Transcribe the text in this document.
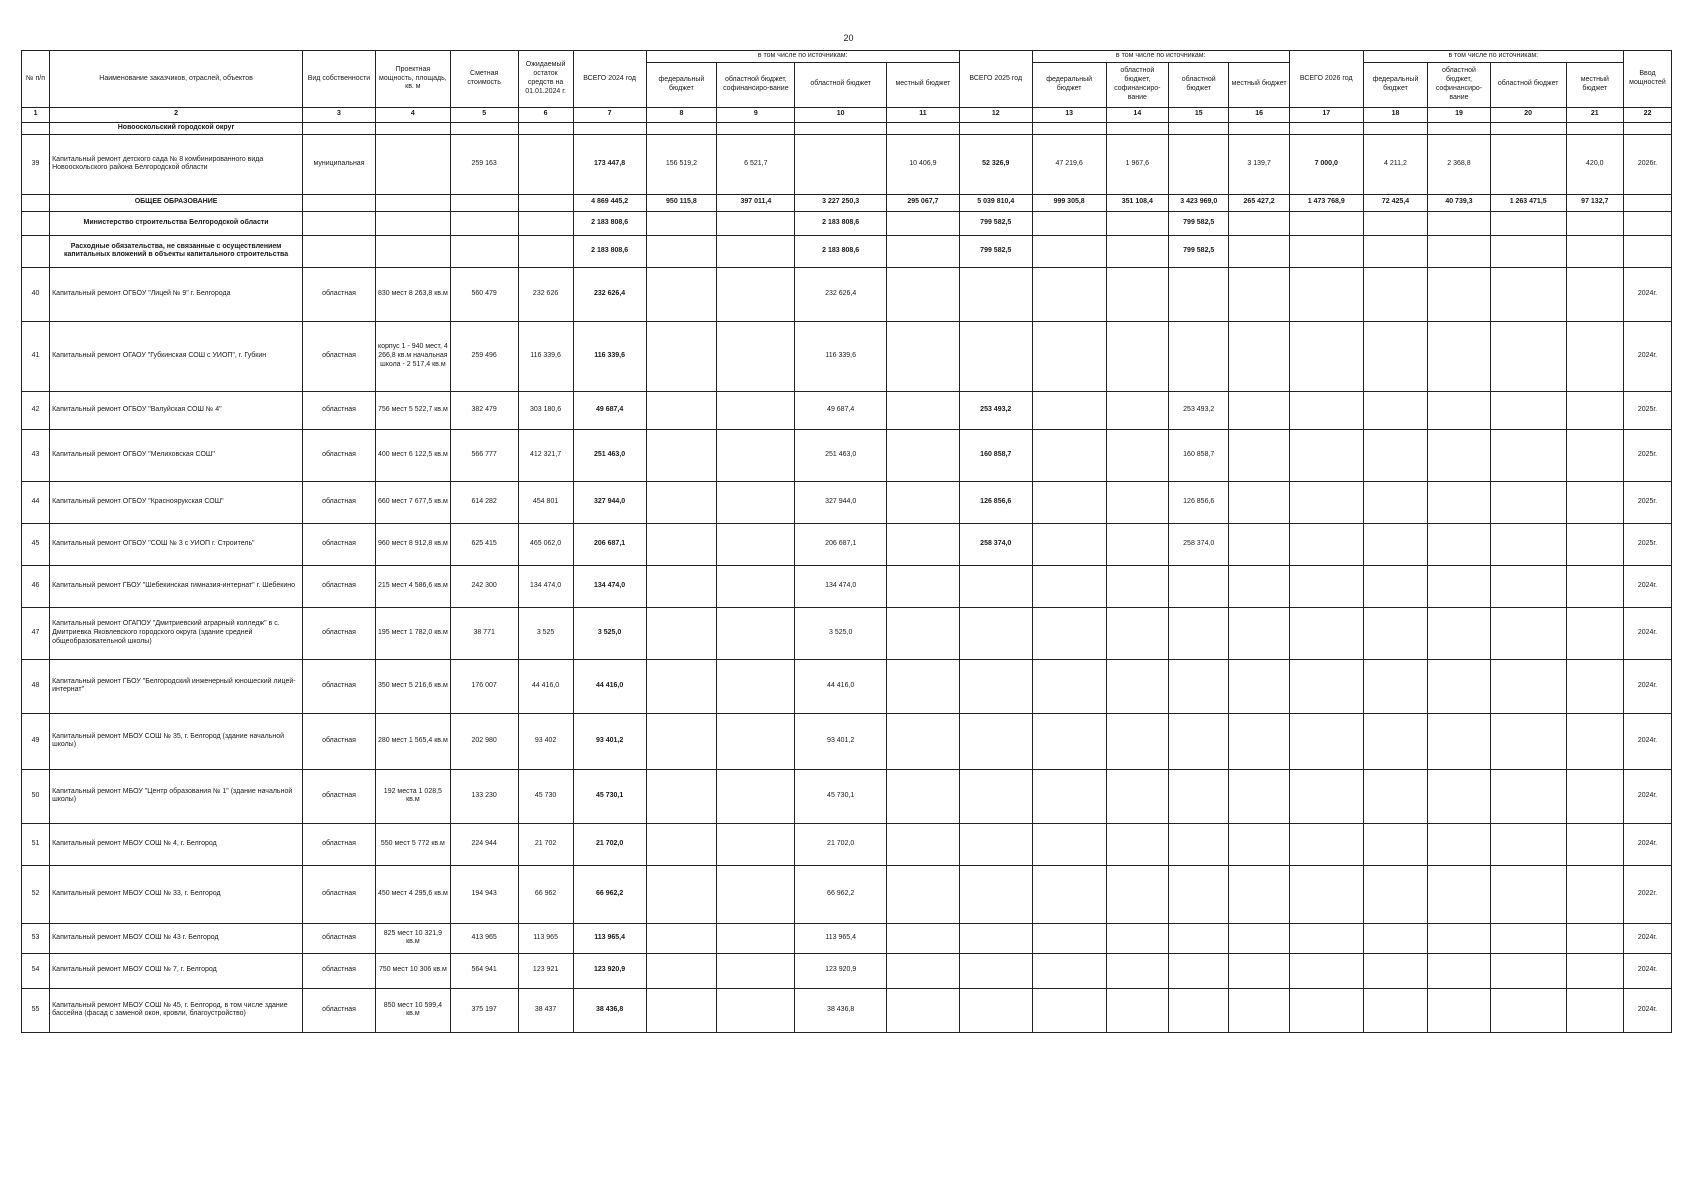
20
№ п/п	Наименование заказчиков, отраслей, объектов	Вид собственности	Проектная мощность, площадь, кв. м	Сметная стоимость	Ожидаемый остаток средств на 01.01.2024 г.	ВСЕГО 2024 год	в том числе по источникам:				ВСЕГО 2025 год	в том числе по источникам:				ВСЕГО 2026 год	в том числе по источникам:				Ввод мощностей
							федеральный бюджет	областной бюджет, софинансиро-вание	областной бюджет	местный бюджет		федеральный бюджет	областной бюджет, софинансиро-вание	областной бюджет	местный бюджет		федеральный бюджет	областной бюджет, софинансиро-вание	областной бюджет	местный бюджет	
1	2	3	4	5	6	7	8	9	10	11	12	13	14	15	16	17	18	19	20	21	22
	Новооскольский городской округ																				
39	Капитальный ремонт детского сада № 8 комбинированного вида Новооскольского района Белгородской области	муниципальная		259 163		173 447,8	156 519,2	6 521,7		10 406,9	52 326,9	47 219,6	1 967,6		3 139,7	7 000,0	4 211,2	2 368,8		420,0	2026г.
	ОБЩЕЕ ОБРАЗОВАНИЕ					4 869 445,2	950 115,8	397 011,4	3 227 250,3	295 067,7	5 039 810,4	999 305,8	351 108,4	3 423 969,0	265 427,2	1 473 768,9	72 425,4	40 739,3	1 263 471,5	97 132,7	
	Министерство строительства Белгородской области					2 183 808,6			2 183 808,6		799 582,5			799 582,5							
	Расходные обязательства, не связанные с осуществлением капитальных вложений в объекты капитального строительства					2 183 808,6			2 183 808,6		799 582,5			799 582,5							
40	Капитальный ремонт ОГБОУ "Лицей № 9" г. Белгорода	областная	830 мест 8 263,8 кв.м	560 479	232 626	232 626,4			232 626,4												2024г.
41	Капитальный ремонт ОГАОУ "Губкинская СОШ с УИОП", г. Губкин	областная	корпус 1 - 940 мест, 4 266,8 кв.м начальная школа - 2 517,4 кв.м	259 496	116 339,6	116 339,6			116 339,6												2024г.
42	Капитальный ремонт ОГБОУ "Валуйская СОШ № 4"	областная	756 мест 5 522,7 кв.м	382 479	303 180,6	49 687,4			49 687,4		253 493,2			253 493,2							2025г.
43	Капитальный ремонт ОГБОУ "Мелиховская СОШ"	областная	400 мест 6 122,5 кв.м	566 777	412 321,7	251 463,0			251 463,0		160 858,7			160 858,7							2025г.
44	Капитальный ремонт ОГБОУ "Красноярукская СОШ"	областная	660 мест 7 677,5 кв.м	614 282	454 801	327 944,0			327 944,0		126 856,6			126 856,6							2025г.
45	Капитальный ремонт ОГБОУ "СОШ № 3 с УИОП г. Строитель"	областная	960 мест 8 912,8 кв.м	625 415	465 062,0	206 687,1			206 687,1		258 374,0			258 374,0							2025г.
46	Капитальный ремонт ГБОУ "Шебекинская гимназия-интернат" г. Шебекино	областная	215 мест 4 586,6 кв.м	242 300	134 474,0	134 474,0			134 474,0												2024г.
47	Капитальный ремонт ОГАПОУ "Дмитриевский аграрный колледж" в с. Дмитриевка Яковлевского городского округа (здание средней общеобразовательной школы)	областная	195 мест 1 782,0 кв.м	38 771	3 525	3 525,0			3 525,0												2024г.
48	Капитальный ремонт ГБОУ "Белгородский инженерный юношеский лицей-интернат"	областная	350 мест 5 216,6 кв.м	176 007	44 416,0	44 416,0			44 416,0												2024г.
49	Капитальный ремонт МБОУ СОШ № 35, г. Белгород (здание начальной школы)	областная	280 мест 1 565,4 кв.м	202 980	93 402	93 401,2			93 401,2												2024г.
50	Капитальный ремонт МБОУ "Центр образования № 1" (здание начальной школы)	областная	192 места 1 028,5 кв.м	133 230	45 730	45 730,1			45 730,1												2024г.
51	Капитальный ремонт МБОУ СОШ № 4, г. Белгород	областная	550 мест 5 772 кв.м	224 944	21 702	21 702,0			21 702,0												2024г.
52	Капитальный ремонт МБОУ СОШ № 33, г. Белгород	областная	450 мест 4 295,6 кв.м	194 943	66 962	66 962,2			66 962,2												2022г.
53	Капитальный ремонт МБОУ СОШ № 43 г. Белгород	областная	825 мест 10 321,9 кв.м	413 965	113 965	113 965,4			113 965,4												2024г.
54	Капитальный ремонт МБОУ СОШ № 7, г. Белгород	областная	750 мест 10 306 кв.м	564 941	123 921	123 920,9			123 920,9												2024г.
55	Капитальный ремонт МБОУ СОШ № 45, г. Белгород, в том числе здание бассейна (фасад с заменой окон, кровли, благоустройство)	областная	850 мест 10 599,4 кв.м	375 197	38 437	38 436,8			38 436,8												2024г.
